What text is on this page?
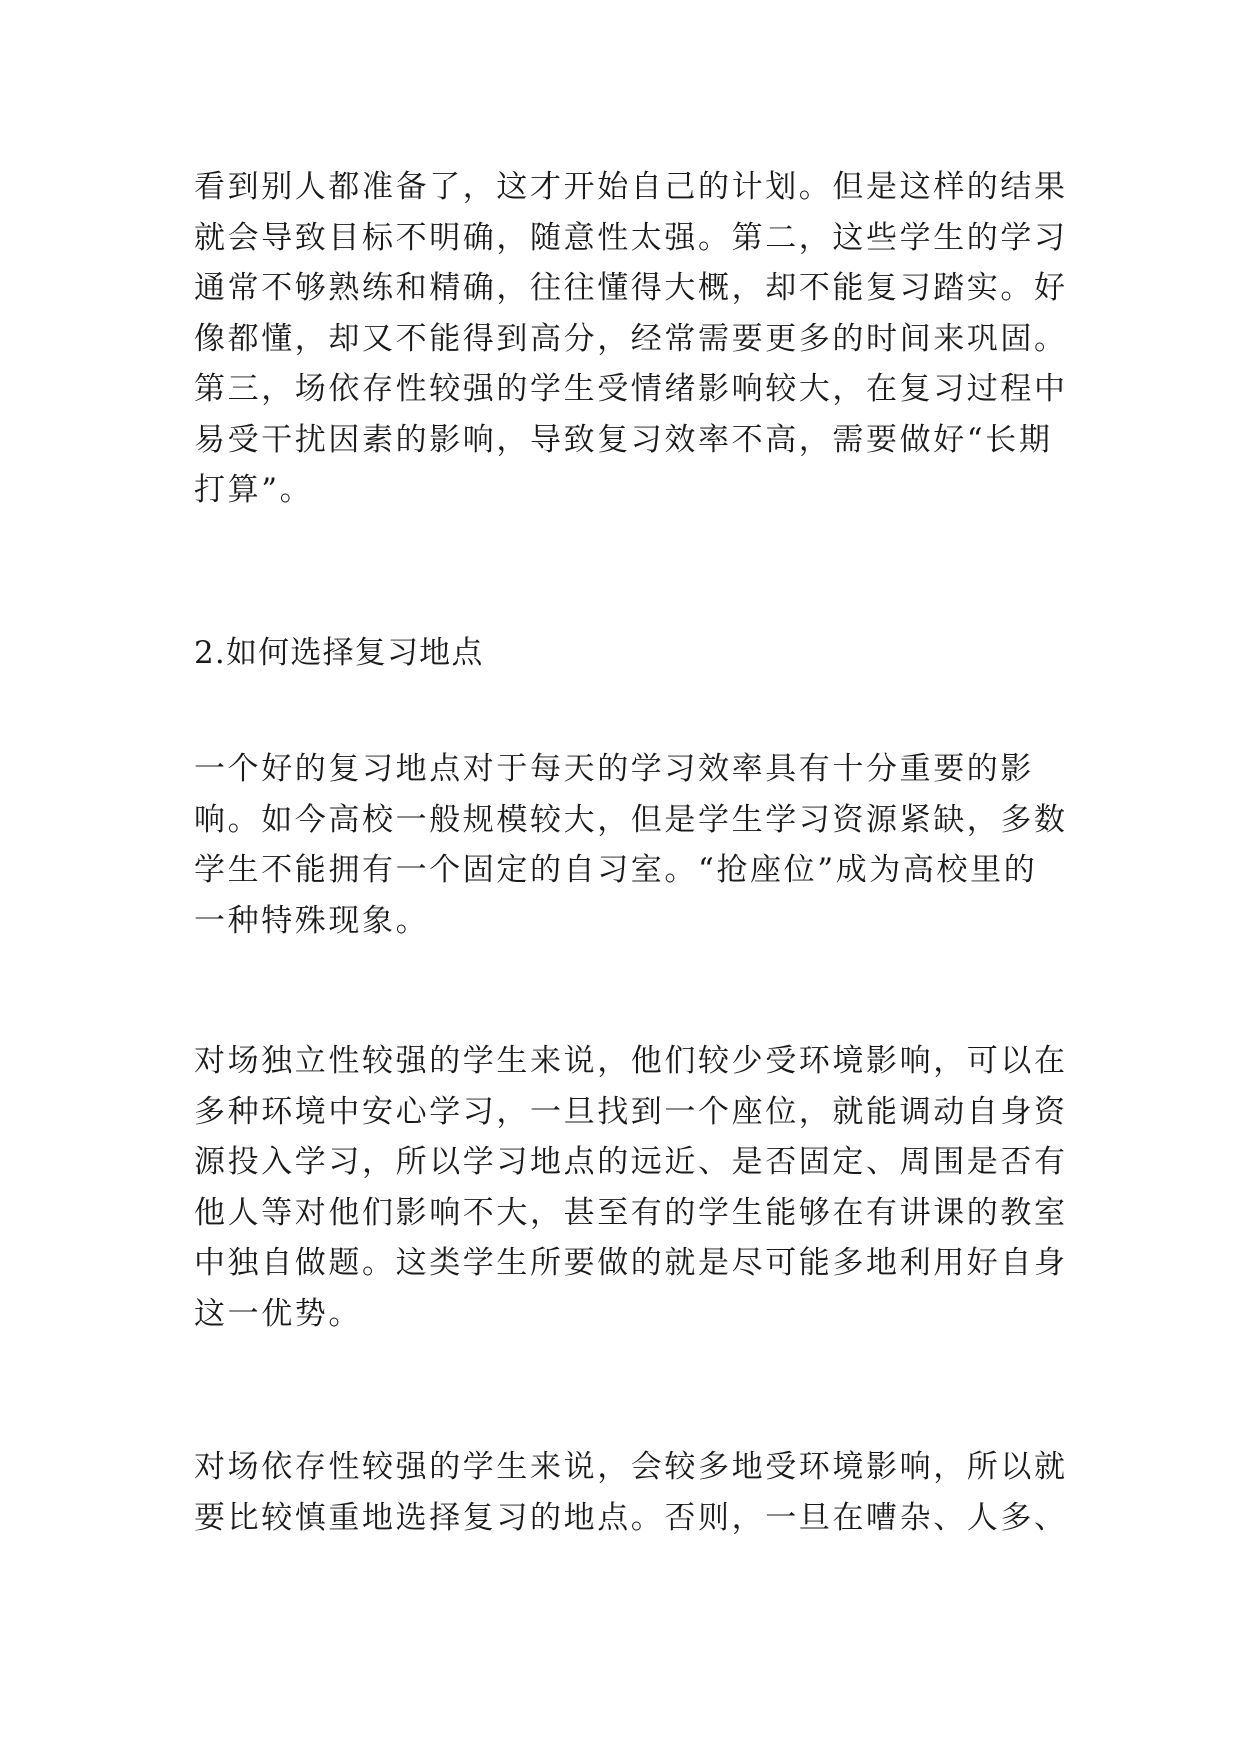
看到别人都准备了，这才开始自己的计划。但是这样的结果
就会导致目标不明确，随意性太强。第二，这些学生的学习
通常不够熟练和精确，往往懂得大概，却不能复习踏实。好
像都懂，却又不能得到高分，经常需要更多的时间来巩固。
第三，场依存性较强的学生受情绪影响较大，在复习过程中
易受干扰因素的影响，导致复习效率不高，需要做好“长期
打算”。
2.如何选择复习地点
一个好的复习地点对于每天的学习效率具有十分重要的影
响。如今高校一般规模较大，但是学生学习资源紧缺，多数
学生不能拥有一个固定的自习室。“抢座位”成为高校里的
一种特殊现象。
对场独立性较强的学生来说，他们较少受环境影响，可以在
多种环境中安心学习，一旦找到一个座位，就能调动自身资
源投入学习，所以学习地点的远近、是否固定、周围是否有
他人等对他们影响不大，甚至有的学生能够在有讲课的教室
中独自做题。这类学生所要做的就是尽可能多地利用好自身
这一优势。
对场依存性较强的学生来说，会较多地受环境影响，所以就
要比较慎重地选择复习的地点。否则，一旦在嘈杂、人多、
